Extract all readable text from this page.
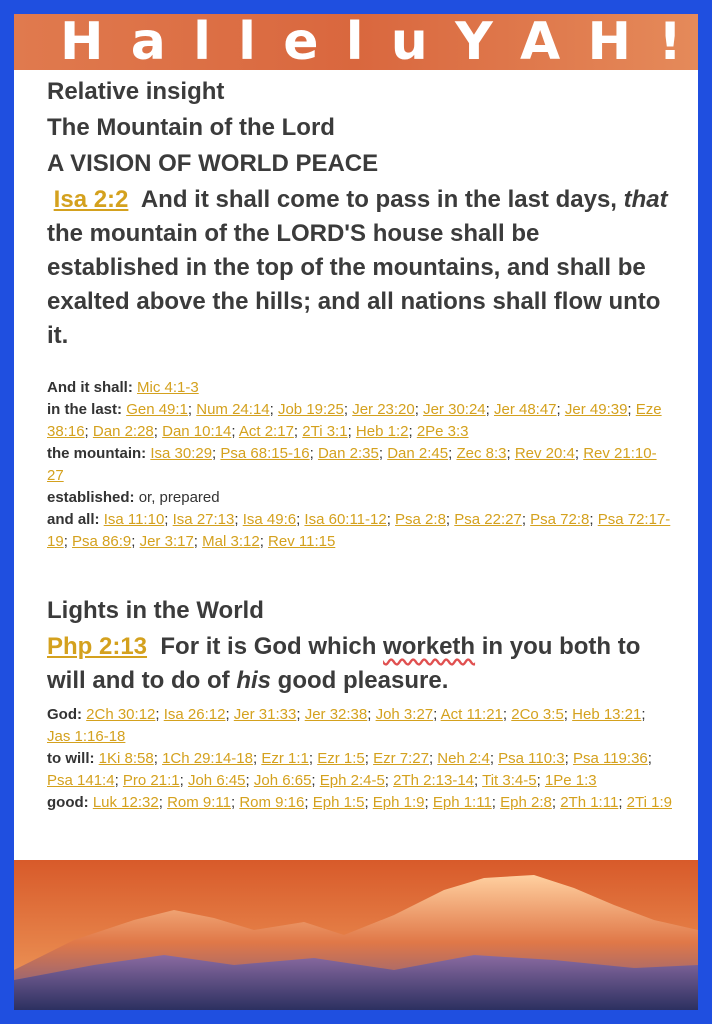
H a l l e l u Y A H !
Relative insight
The Mountain of the Lord
A VISION OF WORLD PEACE
Isa 2:2 And it shall come to pass in the last days, that the mountain of the LORD'S house shall be established in the top of the mountains, and shall be exalted above the hills; and all nations shall flow unto it.
And it shall: Mic 4:1-3
in the last: Gen 49:1; Num 24:14; Job 19:25; Jer 23:20; Jer 30:24; Jer 48:47; Jer 49:39; Eze 38:16; Dan 2:28; Dan 10:14; Act 2:17; 2Ti 3:1; Heb 1:2; 2Pe 3:3
the mountain: Isa 30:29; Psa 68:15-16; Dan 2:35; Dan 2:45; Zec 8:3; Rev 20:4; Rev 21:10-27
established: or, prepared
and all: Isa 11:10; Isa 27:13; Isa 49:6; Isa 60:11-12; Psa 2:8; Psa 22:27; Psa 72:8; Psa 72:17-19; Psa 86:9; Jer 3:17; Mal 3:12; Rev 11:15
Lights in the World
Php 2:13 For it is God which worketh in you both to will and to do of his good pleasure.
God: 2Ch 30:12; Isa 26:12; Jer 31:33; Jer 32:38; Joh 3:27; Act 11:21; 2Co 3:5; Heb 13:21; Jas 1:16-18
to will: 1Ki 8:58; 1Ch 29:14-18; Ezr 1:1; Ezr 1:5; Ezr 7:27; Neh 2:4; Psa 110:3; Psa 119:36; Psa 141:4; Pro 21:1; Joh 6:45; Joh 6:65; Eph 2:4-5; 2Th 2:13-14; Tit 3:4-5; 1Pe 1:3
good: Luk 12:32; Rom 9:11; Rom 9:16; Eph 1:5; Eph 1:9; Eph 1:11; Eph 2:8; 2Th 1:11; 2Ti 1:9
